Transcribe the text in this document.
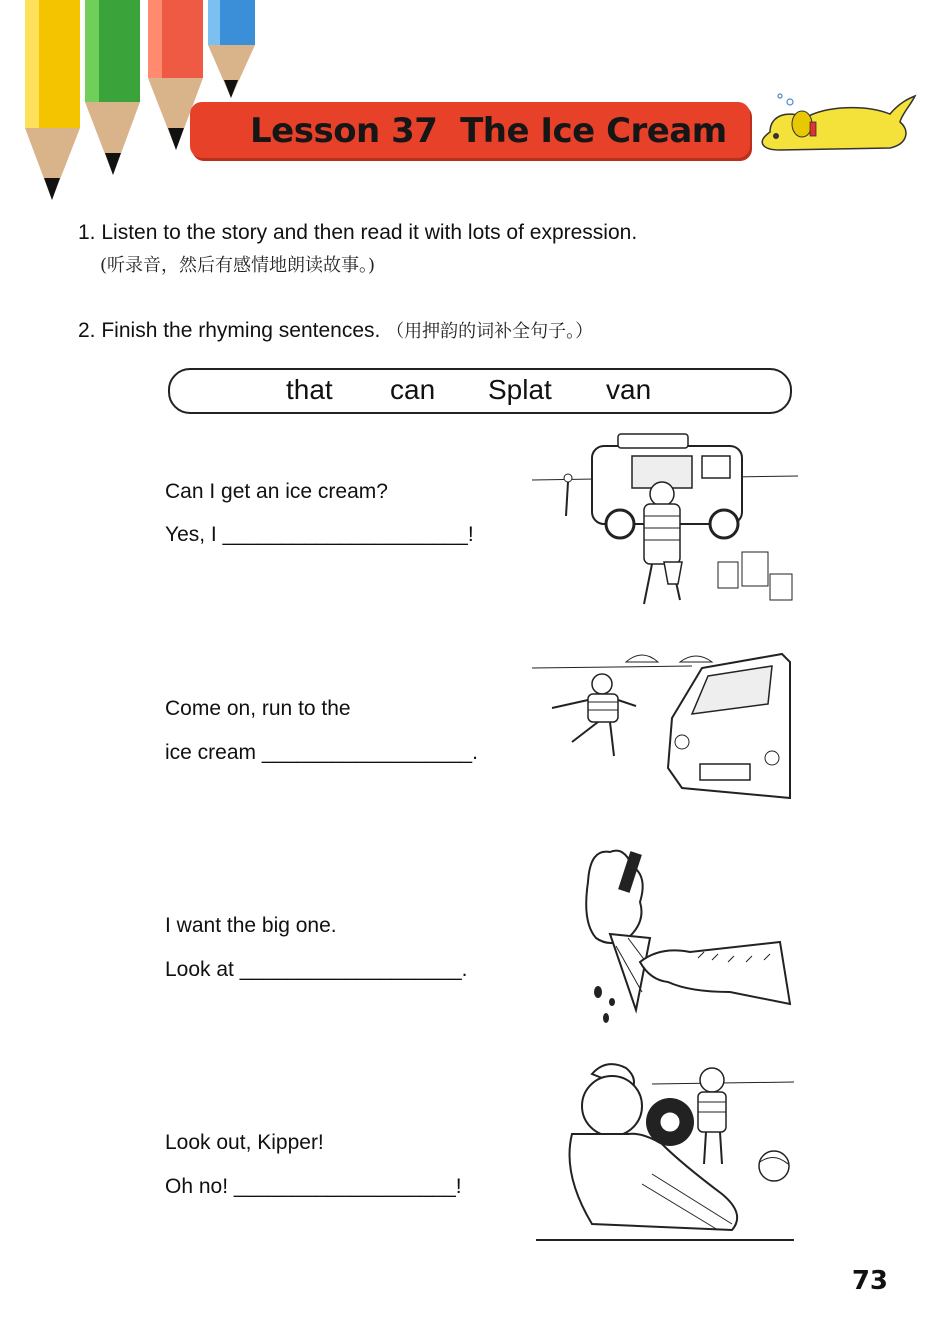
Lesson 37  The Ice Cream
1. Listen to the story and then read it with lots of expression.
(听录音，然后有感情地朗读故事。)
2. Finish the rhyming sentences. （用押韵的词补全句子。）
that can Splat van
Can I get an ice cream?
Yes, I _____________________!
Come on, run to the
ice cream __________________.
I want the big one.
Look at ___________________.
Look out, Kipper!
Oh no! ___________________!
73
